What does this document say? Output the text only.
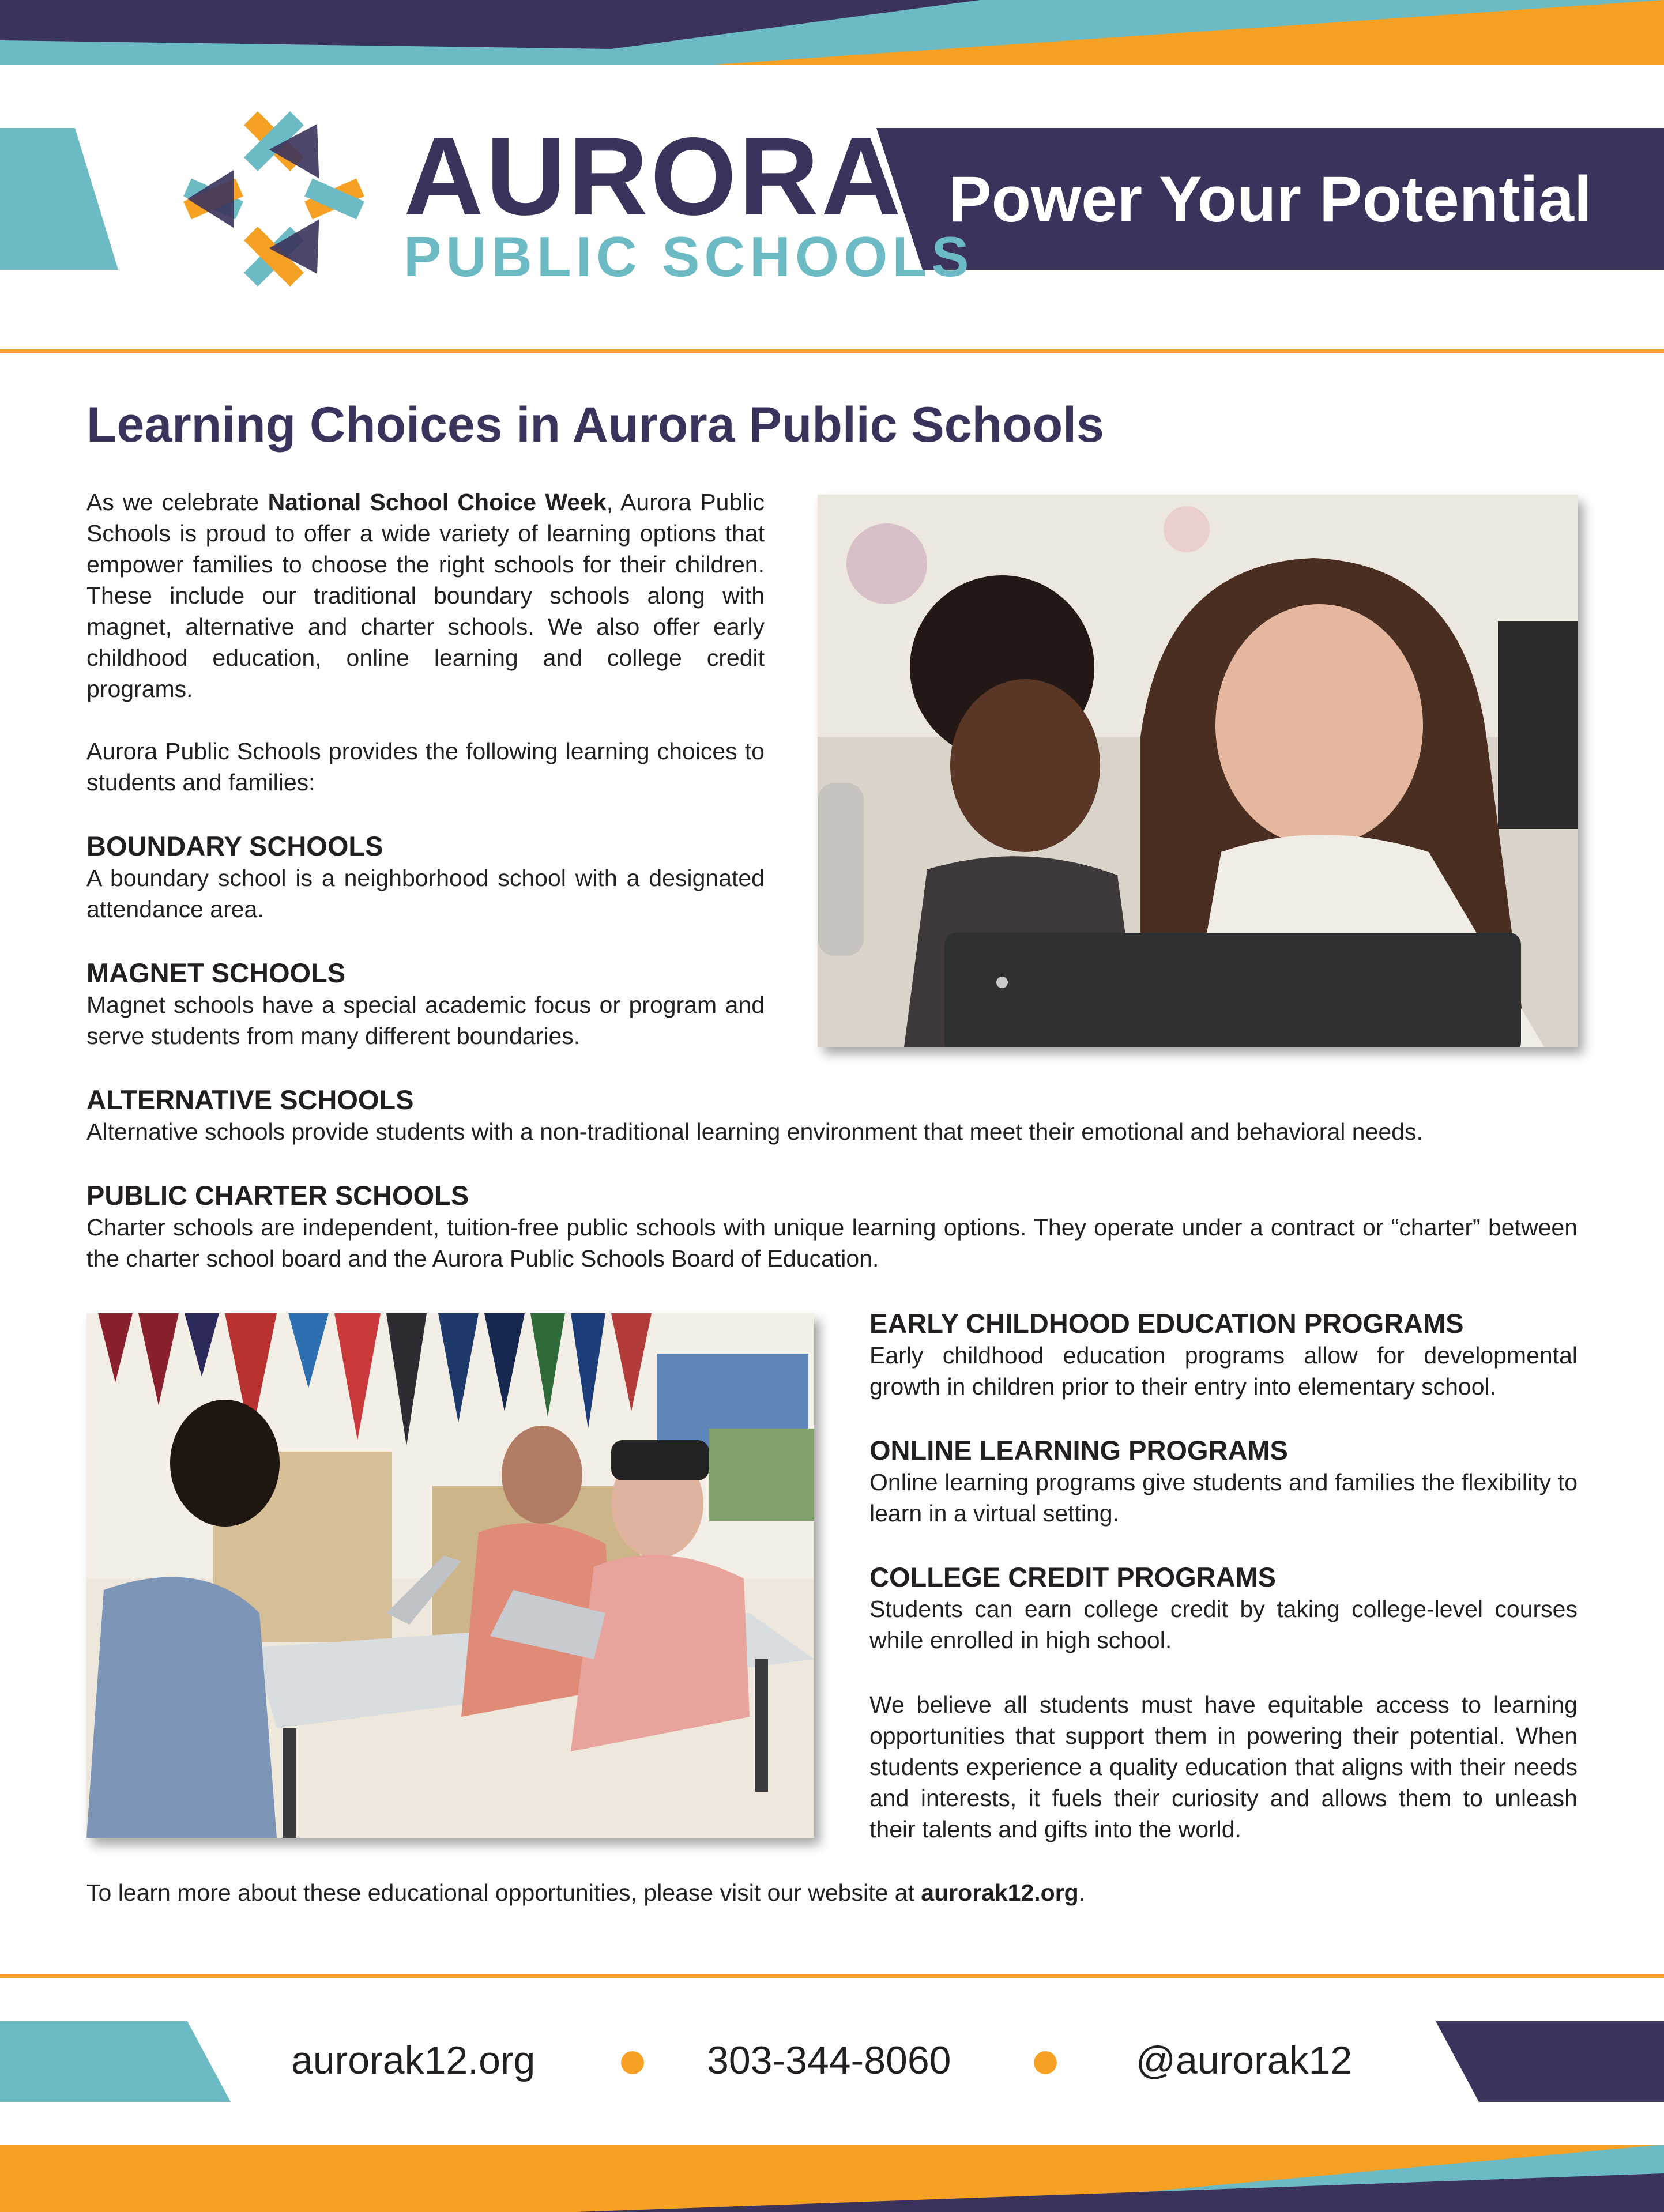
AURORA
PUBLIC SCHOOLS
Power Your Potential
Learning Choices in Aurora Public Schools
As we celebrate National School Choice Week, Aurora Public Schools is proud to offer a wide variety of learning options that empower families to choose the right schools for their children. These include our traditional boundary schools along with magnet, alternative and charter schools. We also offer early childhood education, online learning and college credit programs.
Aurora Public Schools provides the following learning choices to students and families:
BOUNDARY SCHOOLS
A boundary school is a neighborhood school with a designated attendance area.
MAGNET SCHOOLS
Magnet schools have a special academic focus or program and serve students from many different boundaries.
ALTERNATIVE SCHOOLS
Alternative schools provide students with a non-traditional learning environment that meet their emotional and behavioral needs.
PUBLIC CHARTER SCHOOLS
Charter schools are independent, tuition-free public schools with unique learning options. They operate under a contract or “charter” between the charter school board and the Aurora Public Schools Board of Education.
EARLY CHILDHOOD EDUCATION PROGRAMS
Early childhood education programs allow for developmental growth in children prior to their entry into elementary school.
ONLINE LEARNING PROGRAMS
Online learning programs give students and families the flexibility to learn in a virtual setting.
COLLEGE CREDIT PROGRAMS
Students can earn college credit by taking college-level courses while enrolled in high school.
We believe all students must have equitable access to learning opportunities that support them in powering their potential. When students experience a quality education that aligns with their needs and interests, it fuels their curiosity and allows them to unleash their talents and gifts into the world.
To learn more about these educational opportunities, please visit our website at aurorak12.org.
aurorak12.org	303-344-8060	@aurorak12
